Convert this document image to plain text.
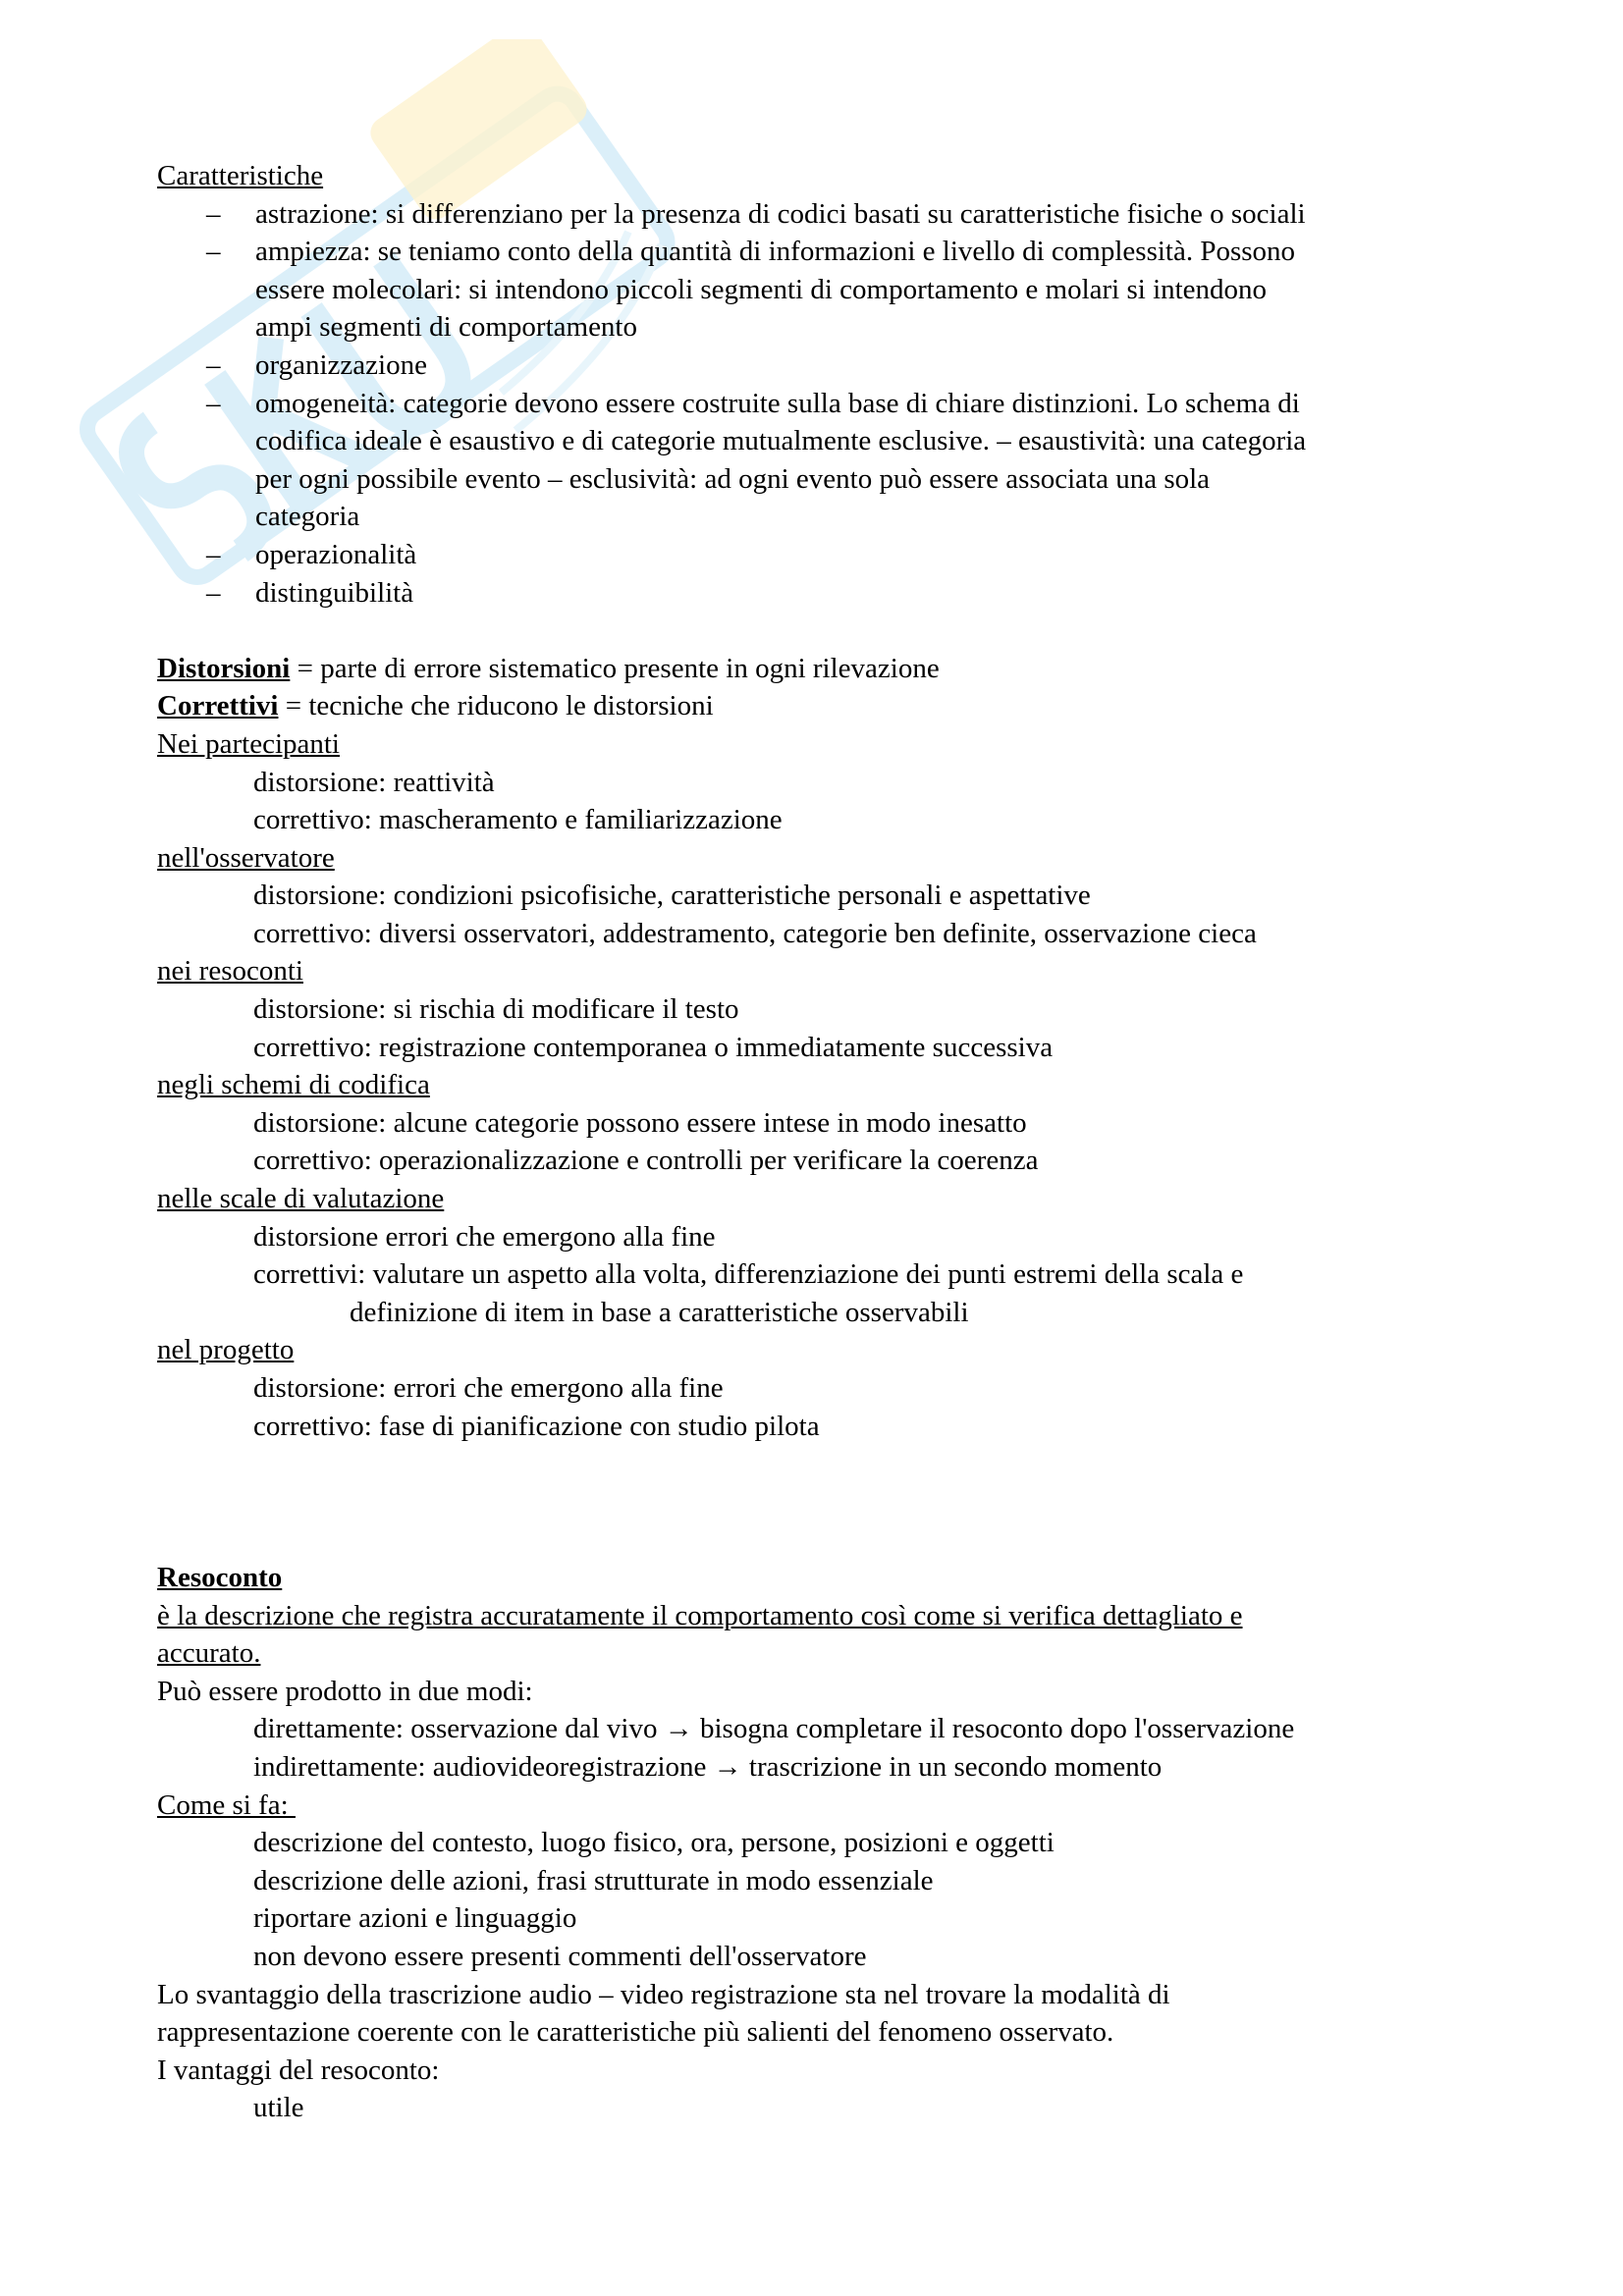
Caratteristiche
– astrazione: si differenziano per la presenza di codici basati su caratteristiche fisiche o sociali
– ampiezza: se teniamo conto della quantità di informazioni e livello di complessità. Possono
essere molecolari: si intendono piccoli segmenti di comportamento e molari si intendono
ampi segmenti di comportamento
– organizzazione
– omogeneità: categorie devono essere costruite sulla base di chiare distinzioni. Lo schema di
codifica ideale è esaustivo e di categorie mutualmente esclusive. – esaustività: una categoria
per ogni possibile evento – esclusività: ad ogni evento può essere associata una sola
categoria
– operazionalità
– distinguibilità
Distorsioni = parte di errore sistematico presente in ogni rilevazione
Correttivi = tecniche che riducono le distorsioni
Nei partecipanti
distorsione: reattività
correttivo: mascheramento e familiarizzazione
nell'osservatore
distorsione: condizioni psicofisiche, caratteristiche personali e aspettative
correttivo: diversi osservatori, addestramento, categorie ben definite, osservazione cieca
nei resoconti
distorsione: si rischia di modificare il testo
correttivo: registrazione contemporanea o immediatamente successiva
negli schemi di codifica
distorsione: alcune categorie possono essere intese in modo inesatto
correttivo: operazionalizzazione e controlli per verificare la coerenza
nelle scale di valutazione
distorsione errori che emergono alla fine
correttivi: valutare un aspetto alla volta, differenziazione dei punti estremi della scala e
definizione di item in base a caratteristiche osservabili
nel progetto
distorsione: errori che emergono alla fine
correttivo: fase di pianificazione con studio pilota
Resoconto
è la descrizione che registra accuratamente il comportamento così come si verifica dettagliato e
accurato.
Può essere prodotto in due modi:
direttamente: osservazione dal vivo → bisogna completare il resoconto dopo l'osservazione
indirettamente: audiovideoregistrazione → trascrizione in un secondo momento
Come si fa:
descrizione del contesto, luogo fisico, ora, persone, posizioni e oggetti
descrizione delle azioni, frasi strutturate in modo essenziale
riportare azioni e linguaggio
non devono essere presenti commenti dell'osservatore
Lo svantaggio della trascrizione audio – video registrazione sta nel trovare la modalità di
rappresentazione coerente con le caratteristiche più salienti del fenomeno osservato.
I vantaggi del resoconto:
utile
